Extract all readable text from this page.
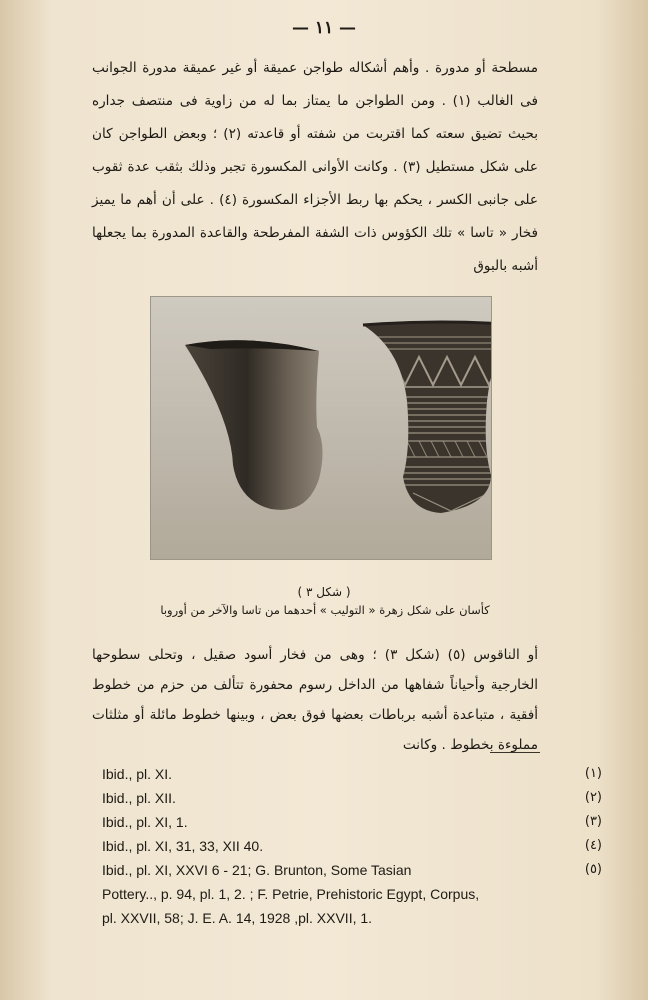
— ١١ —
مسطحة أو مدورة . وأهم أشكاله طواجن عميقة أو غير عميقة مدورة الجوانب فى الغالب (١) . ومن الطواجن ما يمتاز بما له من زاوية فى منتصف جداره بحيث تضيق سعته كما اقتربت من شفته أو قاعدته (٢) ؛ وبعض الطواجن كان على شكل مستطيل (٣) . وكانت الأوانى المكسورة تجبر وذلك بثقب عدة ثقوب على جانبى الكسر ، يحكم بها ربط الأجزاء المكسورة (٤) . على أن أهم ما يميز فخار « تاسا » تلك الكؤوس ذات الشفة المفرطحة والقاعدة المدورة بما يجعلها أشبه بالبوق
( شكل ٣ )
كأسان على شكل زهرة « التوليب » أحدهما من تاسا والآخر من أوروبا
أو الناقوس (٥) (شكل ٣) ؛ وهى من فخار أسود صقيل ، وتحلى سطوحها الخارجية وأحياناً شفاهها من الداخل رسوم محفورة تتألف من حزم من خطوط أفقية ، متباعدة أشبه برباطات بعضها فوق بعض ، وبينها خطوط مائلة أو مثلثات مملوءة بخطوط . وكانت
Ibid., pl. XI.	(١)
Ibid., pl. XII.	(٢)
Ibid., pl. XI, 1.	(٣)
Ibid., pl. XI, 31, 33, XII 40.	(٤)
Ibid., pl. XI, XXVI 6 - 21; G. Brunton, Some Tasian	(٥)
Pottery.., p. 94, pl. 1, 2. ; F. Petrie, Prehistoric Egypt, Corpus,
pl. XXVII, 58; J. E. A. 14, 1928 ,pl. XXVII, 1.
